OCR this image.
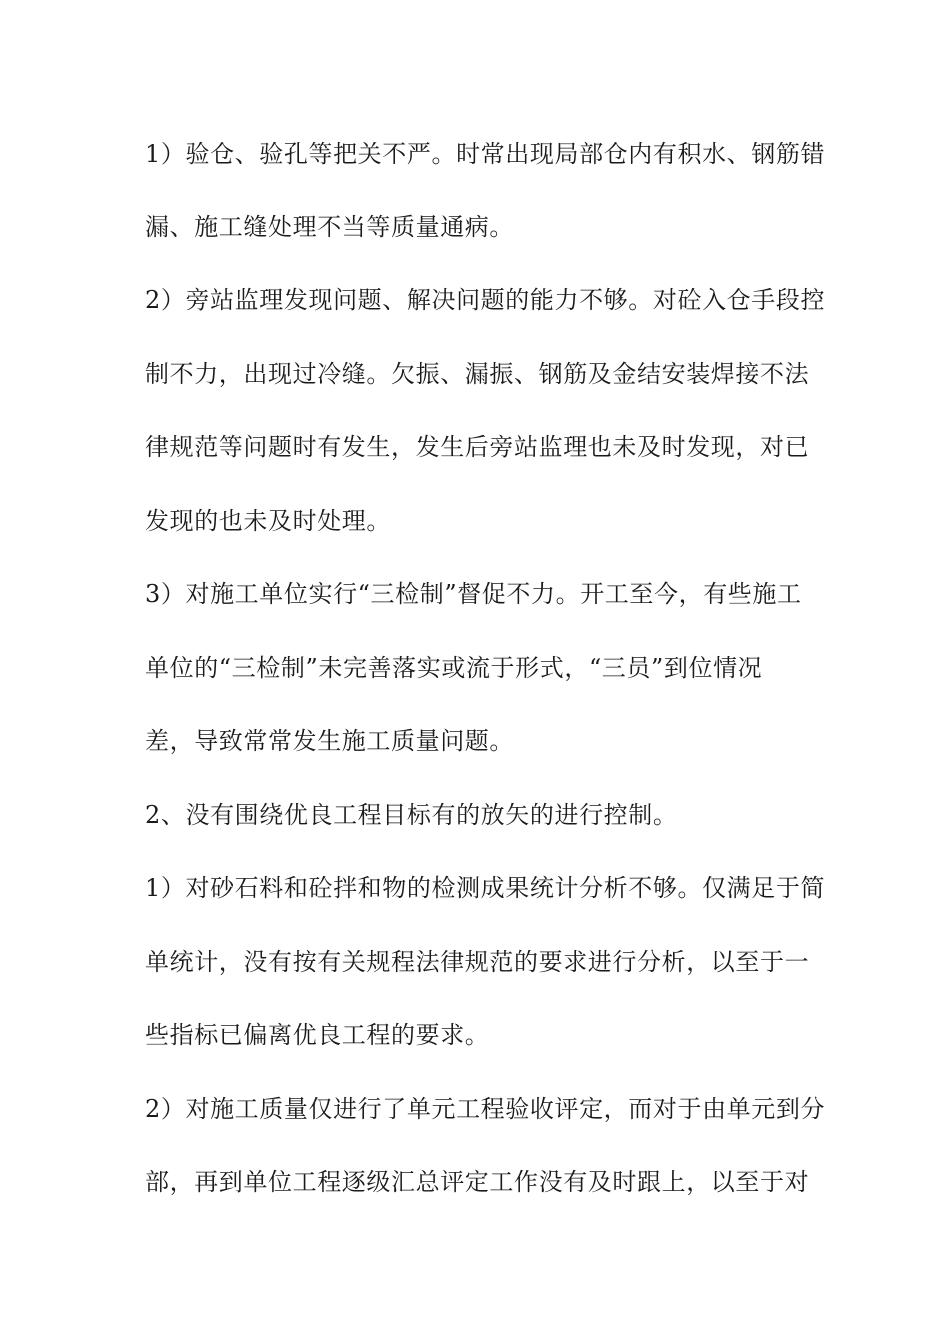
1）验仓、验孔等把关不严。时常出现局部仓内有积水、钢筋错
漏、施工缝处理不当等质量通病。
2）旁站监理发现问题、解决问题的能力不够。对砼入仓手段控
制不力，出现过冷缝。欠振、漏振、钢筋及金结安装焊接不法
律规范等问题时有发生，发生后旁站监理也未及时发现，对已
发现的也未及时处理。
3）对施工单位实行“三检制”督促不力。开工至今，有些施工
单位的“三检制”未完善落实或流于形式，“三员”到位情况
差，导致常常发生施工质量问题。
2、没有围绕优良工程目标有的放矢的进行控制。
1）对砂石料和砼拌和物的检测成果统计分析不够。仅满足于简
单统计，没有按有关规程法律规范的要求进行分析，以至于一
些指标已偏离优良工程的要求。
2）对施工质量仅进行了单元工程验收评定，而对于由单元到分
部，再到单位工程逐级汇总评定工作没有及时跟上，以至于对
